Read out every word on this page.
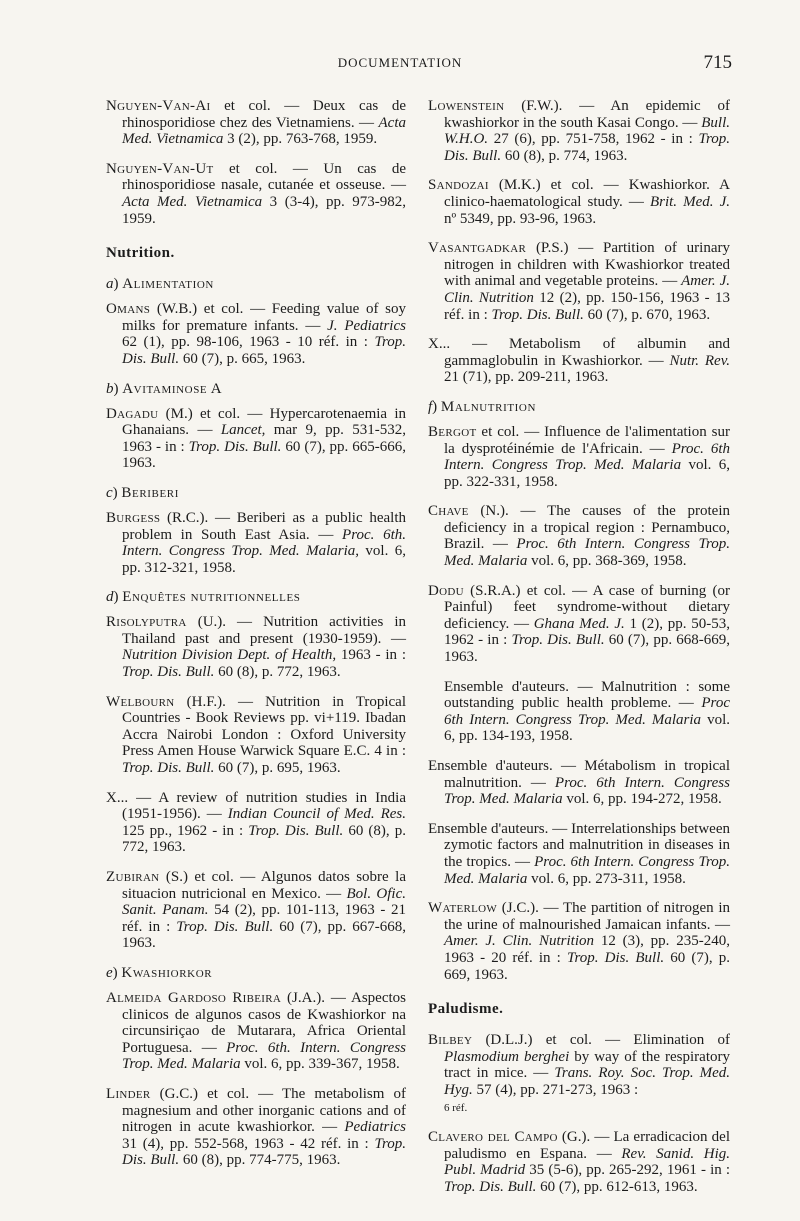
DOCUMENTATION	715

Nguyen-Van-Ai et col. — Deux cas de rhinosporidiose chez des Vietnamiens. — Acta Med. Vietnamica 3 (2), pp. 763-768, 1959.

Nguyen-Van-Ut et col. — Un cas de rhinosporidiose nasale, cutanée et osseuse. — Acta Med. Vietnamica 3 (3-4), pp. 973-982, 1959.

Nutrition.
a) Alimentation

Omans (W.B.) et col. — Feeding value of soy milks for premature infants. — J. Pediatrics 62 (1), pp. 98-106, 1963 - 10 réf. in : Trop. Dis. Bull. 60 (7), p. 665, 1963.

b) Avitaminose A

Dagadu (M.) et col. — Hypercarotenaemia in Ghanaians. — Lancet, mar 9, pp. 531-532, 1963 - in : Trop. Dis. Bull. 60 (7), pp. 665-666, 1963.

c) Beriberi

Burgess (R.C.). — Beriberi as a public health problem in South East Asia. — Proc. 6th. Intern. Congress Trop. Med. Malaria, vol. 6, pp. 312-321, 1958.

d) Enquêtes nutritionnelles

Risolyputra (U.). — Nutrition activities in Thailand past and present (1930-1959). — Nutrition Division Dept. of Health, 1963 - in : Trop. Dis. Bull. 60 (8), p. 772, 1963.

Welbourn (H.F.). — Nutrition in Tropical Countries - Book Reviews pp. vi+119. Ibadan Accra Nairobi London : Oxford University Press Amen House Warwick Square E.C. 4 in : Trop. Dis. Bull. 60 (7), p. 695, 1963.

X... — A review of nutrition studies in India (1951-1956). — Indian Council of Med. Res. 125 pp., 1962 - in : Trop. Dis. Bull. 60 (8), p. 772, 1963.

Zubiran (S.) et col. — Algunos datos sobre la situacion nutricional en Mexico. — Bol. Ofic. Sanit. Panam. 54 (2), pp. 101-113, 1963 - 21 réf. in : Trop. Dis. Bull. 60 (7), pp. 667-668, 1963.

e) Kwashiorkor

Almeida Gardoso Ribeira (J.A.). — Aspectos clinicos de algunos casos de Kwashiorkor na circunsiriçao de Mutarara, Africa Oriental Portuguesa. — Proc. 6th. Intern. Congress Trop. Med. Malaria vol. 6, pp. 339-367, 1958.

Linder (G.C.) et col. — The metabolism of magnesium and other inorganic cations and of nitrogen in acute kwashiorkor. — Pediatrics 31 (4), pp. 552-568, 1963 - 42 réf. in : Trop. Dis. Bull. 60 (8), pp. 774-775, 1963.

Lowenstein (F.W.). — An epidemic of kwashiorkor in the south Kasai Congo. — Bull. W.H.O. 27 (6), pp. 751-758, 1962 - in : Trop. Dis. Bull. 60 (8), p. 774, 1963.

Sandozai (M.K.) et col. — Kwashiorkor. A clinico-haematological study. — Brit. Med. J. nº 5349, pp. 93-96, 1963.

Vasantgadkar (P.S.) — Partition of urinary nitrogen in children with Kwashiorkor treated with animal and vegetable proteins. — Amer. J. Clin. Nutrition 12 (2), pp. 150-156, 1963 - 13 réf. in : Trop. Dis. Bull. 60 (7), p. 670, 1963.

X... — Metabolism of albumin and gammaglobulin in Kwashiorkor. — Nutr. Rev. 21 (71), pp. 209-211, 1963.

f) Malnutrition

Bergot et col. — Influence de l'alimentation sur la dysprotéinémie de l'Africain. — Proc. 6th Intern. Congress Trop. Med. Malaria vol. 6, pp. 322-331, 1958.

Chave (N.). — The causes of the protein deficiency in a tropical region : Pernambuco, Brazil. — Proc. 6th Intern. Congress Trop. Med. Malaria vol. 6, pp. 368-369, 1958.

Dodu (S.R.A.) et col. — A case of burning (or Painful) feet syndrome-without dietary deficiency. — Ghana Med. J. 1 (2), pp. 50-53, 1962 - in : Trop. Dis. Bull. 60 (7), pp. 668-669, 1963.

Ensemble d'auteurs. — Malnutrition : some outstanding public health probleme. — Proc 6th Intern. Congress Trop. Med. Malaria vol. 6, pp. 134-193, 1958.

Ensemble d'auteurs. — Métabolism in tropical malnutrition. — Proc. 6th Intern. Congress Trop. Med. Malaria vol. 6, pp. 194-272, 1958.

Ensemble d'auteurs. — Interrelationships between zymotic factors and malnutrition in diseases in the tropics. — Proc. 6th Intern. Congress Trop. Med. Malaria vol. 6, pp. 273-311, 1958.

Waterlow (J.C.). — The partition of nitrogen in the urine of malnourished Jamaican infants. — Amer. J. Clin. Nutrition 12 (3), pp. 235-240, 1963 - 20 réf. in : Trop. Dis. Bull. 60 (7), p. 669, 1963.

Paludisme.

Bilbey (D.L.J.) et col. — Elimination of Plasmodium berghei by way of the respiratory tract in mice. — Trans. Roy. Soc. Trop. Med. Hyg. 57 (4), pp. 271-273, 1963 :
6 réf.

Clavero del Campo (G.). — La erradicacion del paludismo en Espana. — Rev. Sanid. Hig. Publ. Madrid 35 (5-6), pp. 265-292, 1961 - in : Trop. Dis. Bull. 60 (7), pp. 612-613, 1963.
